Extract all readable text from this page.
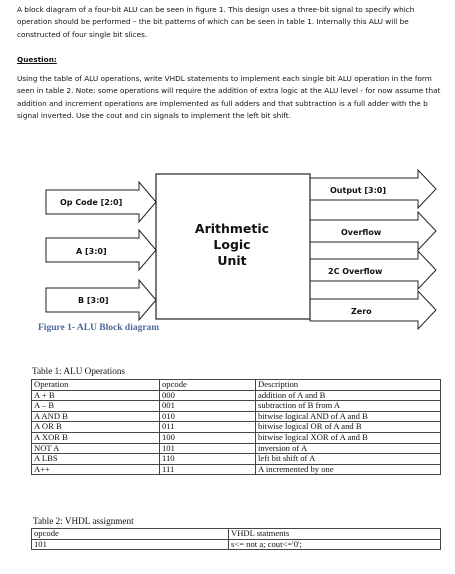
A block diagram of a four-bit ALU can be seen in figure 1. This design uses a three-bit signal to specify which operation should be performed – the bit patterns of which can be seen in table 1. Internally this ALU will be constructed of four single bit slices.
Question:
Using the table of ALU operations, write VHDL statements to implement each single bit ALU operation in the form seen in table 2. Note: some operations will require the addition of extra logic at the ALU level - for now assume that addition and increment operations are implemented as full adders and that subtraction is a full adder with the b signal inverted. Use the cout and cin signals to implement the left bit shift.
Op Code [2:0]
A [3:0]
B [3:0]
Output [3:0]
Overflow
2C Overflow
Zero
Arithmetic
Logic
Unit
Figure 1- ALU Block diagram
Table 1: ALU Operations
Operation	opcode	Description
A + B	000	addition of A and B
A – B	001	subtraction of B from A
A AND B	010	bitwise logical AND of A and B
A OR B	011	bitwise logical OR of A and B
A XOR B	100	bitwise logical XOR of A and B
NOT A	101	inversion of A
A LBS	110	left bit shift of A
A++	111	A incremented by one
Table 2: VHDL assignment
opcode	VHDL statments
101	s<= not a; cout<='0';
